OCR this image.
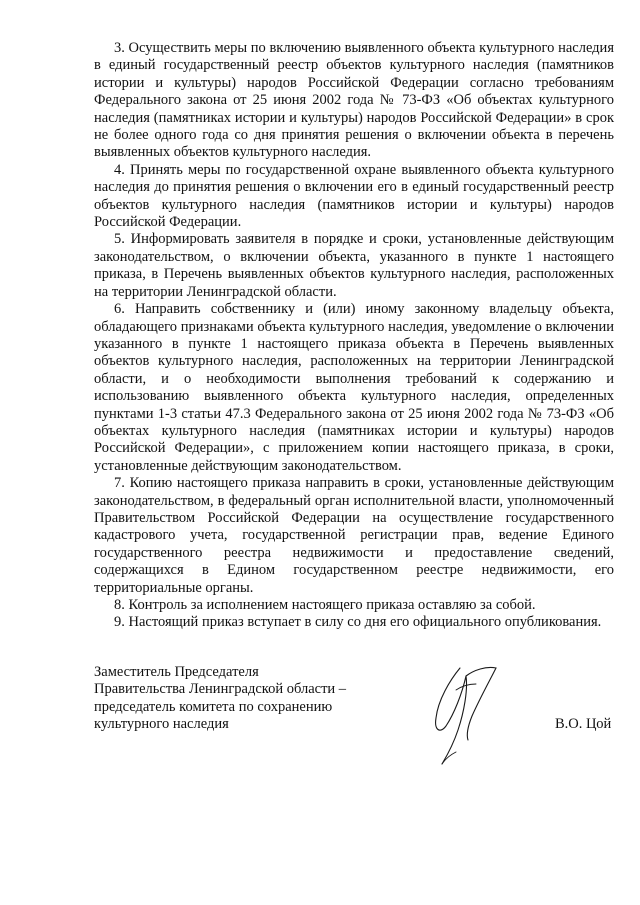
3. Осуществить меры по включению выявленного объекта культурного наследия в единый государственный реестр объектов культурного наследия (памятников истории и культуры) народов Российской Федерации согласно требованиям Федерального закона от 25 июня 2002 года № 73-ФЗ «Об объектах культурного наследия (памятниках истории и культуры) народов Российской Федерации» в срок не более одного года со дня принятия решения о включении объекта в перечень выявленных объектов культурного наследия.

4. Принять меры по государственной охране выявленного объекта культурного наследия до принятия решения о включении его в единый государственный реестр объектов культурного наследия (памятников истории и культуры) народов Российской Федерации.

5. Информировать заявителя в порядке и сроки, установленные действующим законодательством, о включении объекта, указанного в пункте 1 настоящего приказа, в Перечень выявленных объектов культурного наследия, расположенных на территории Ленинградской области.

6. Направить собственнику и (или) иному законному владельцу объекта, обладающего признаками объекта культурного наследия, уведомление о включении указанного в пункте 1 настоящего приказа объекта в Перечень выявленных объектов культурного наследия, расположенных на территории Ленинградской области, и о необходимости выполнения требований к содержанию и использованию выявленного объекта культурного наследия, определенных пунктами 1-3 статьи 47.3 Федерального закона от 25 июня 2002 года № 73-ФЗ «Об объектах культурного наследия (памятниках истории и культуры) народов Российской Федерации», с приложением копии настоящего приказа, в сроки, установленные действующим законодательством.

7. Копию настоящего приказа направить в сроки, установленные действующим законодательством, в федеральный орган исполнительной власти, уполномоченный Правительством Российской Федерации на осуществление государственного кадастрового учета, государственной регистрации прав, ведение Единого государственного реестра недвижимости и предоставление сведений, содержащихся в Едином государственном реестре недвижимости, его территориальные органы.

8. Контроль за исполнением настоящего приказа оставляю за собой.

9. Настоящий приказ вступает в силу со дня его официального опубликования.

Заместитель Председателя
Правительства Ленинградской области –
председатель комитета по сохранению
культурного наследия	В.О. Цой
